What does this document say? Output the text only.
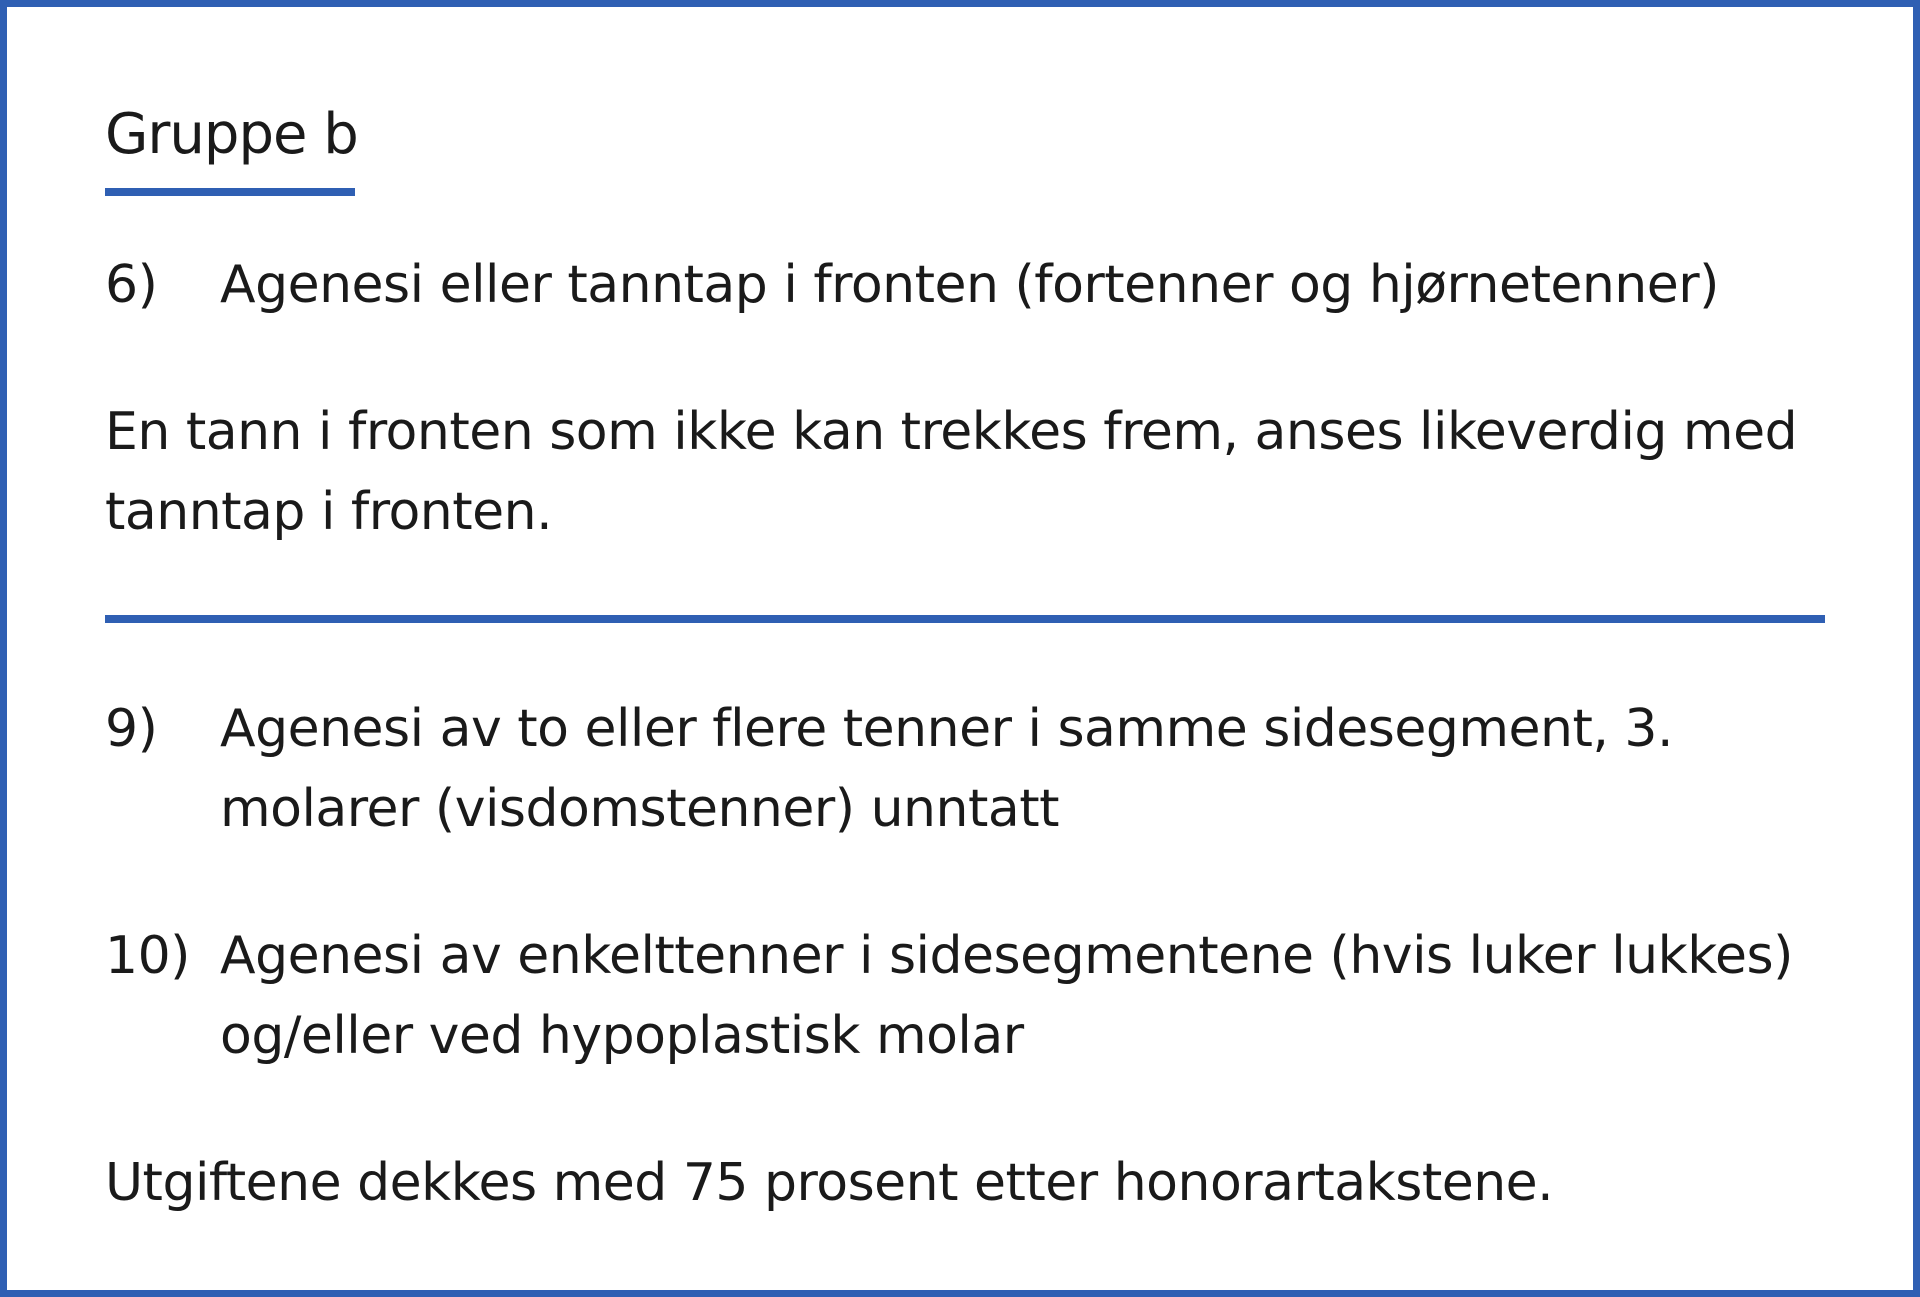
Gruppe b
6) Agenesi eller tanntap i fronten (fortenner og hjørnetenner)
En tann i fronten som ikke kan trekkes frem, anses likeverdig med
tanntap i fronten.
9) Agenesi av to eller flere tenner i samme sidesegment, 3.
molarer (visdomstenner) unntatt
10) Agenesi av enkelttenner i sidesegmentene (hvis luker lukkes)
og/eller ved hypoplastisk molar
Utgiftene dekkes med 75 prosent etter honorartakstene.
